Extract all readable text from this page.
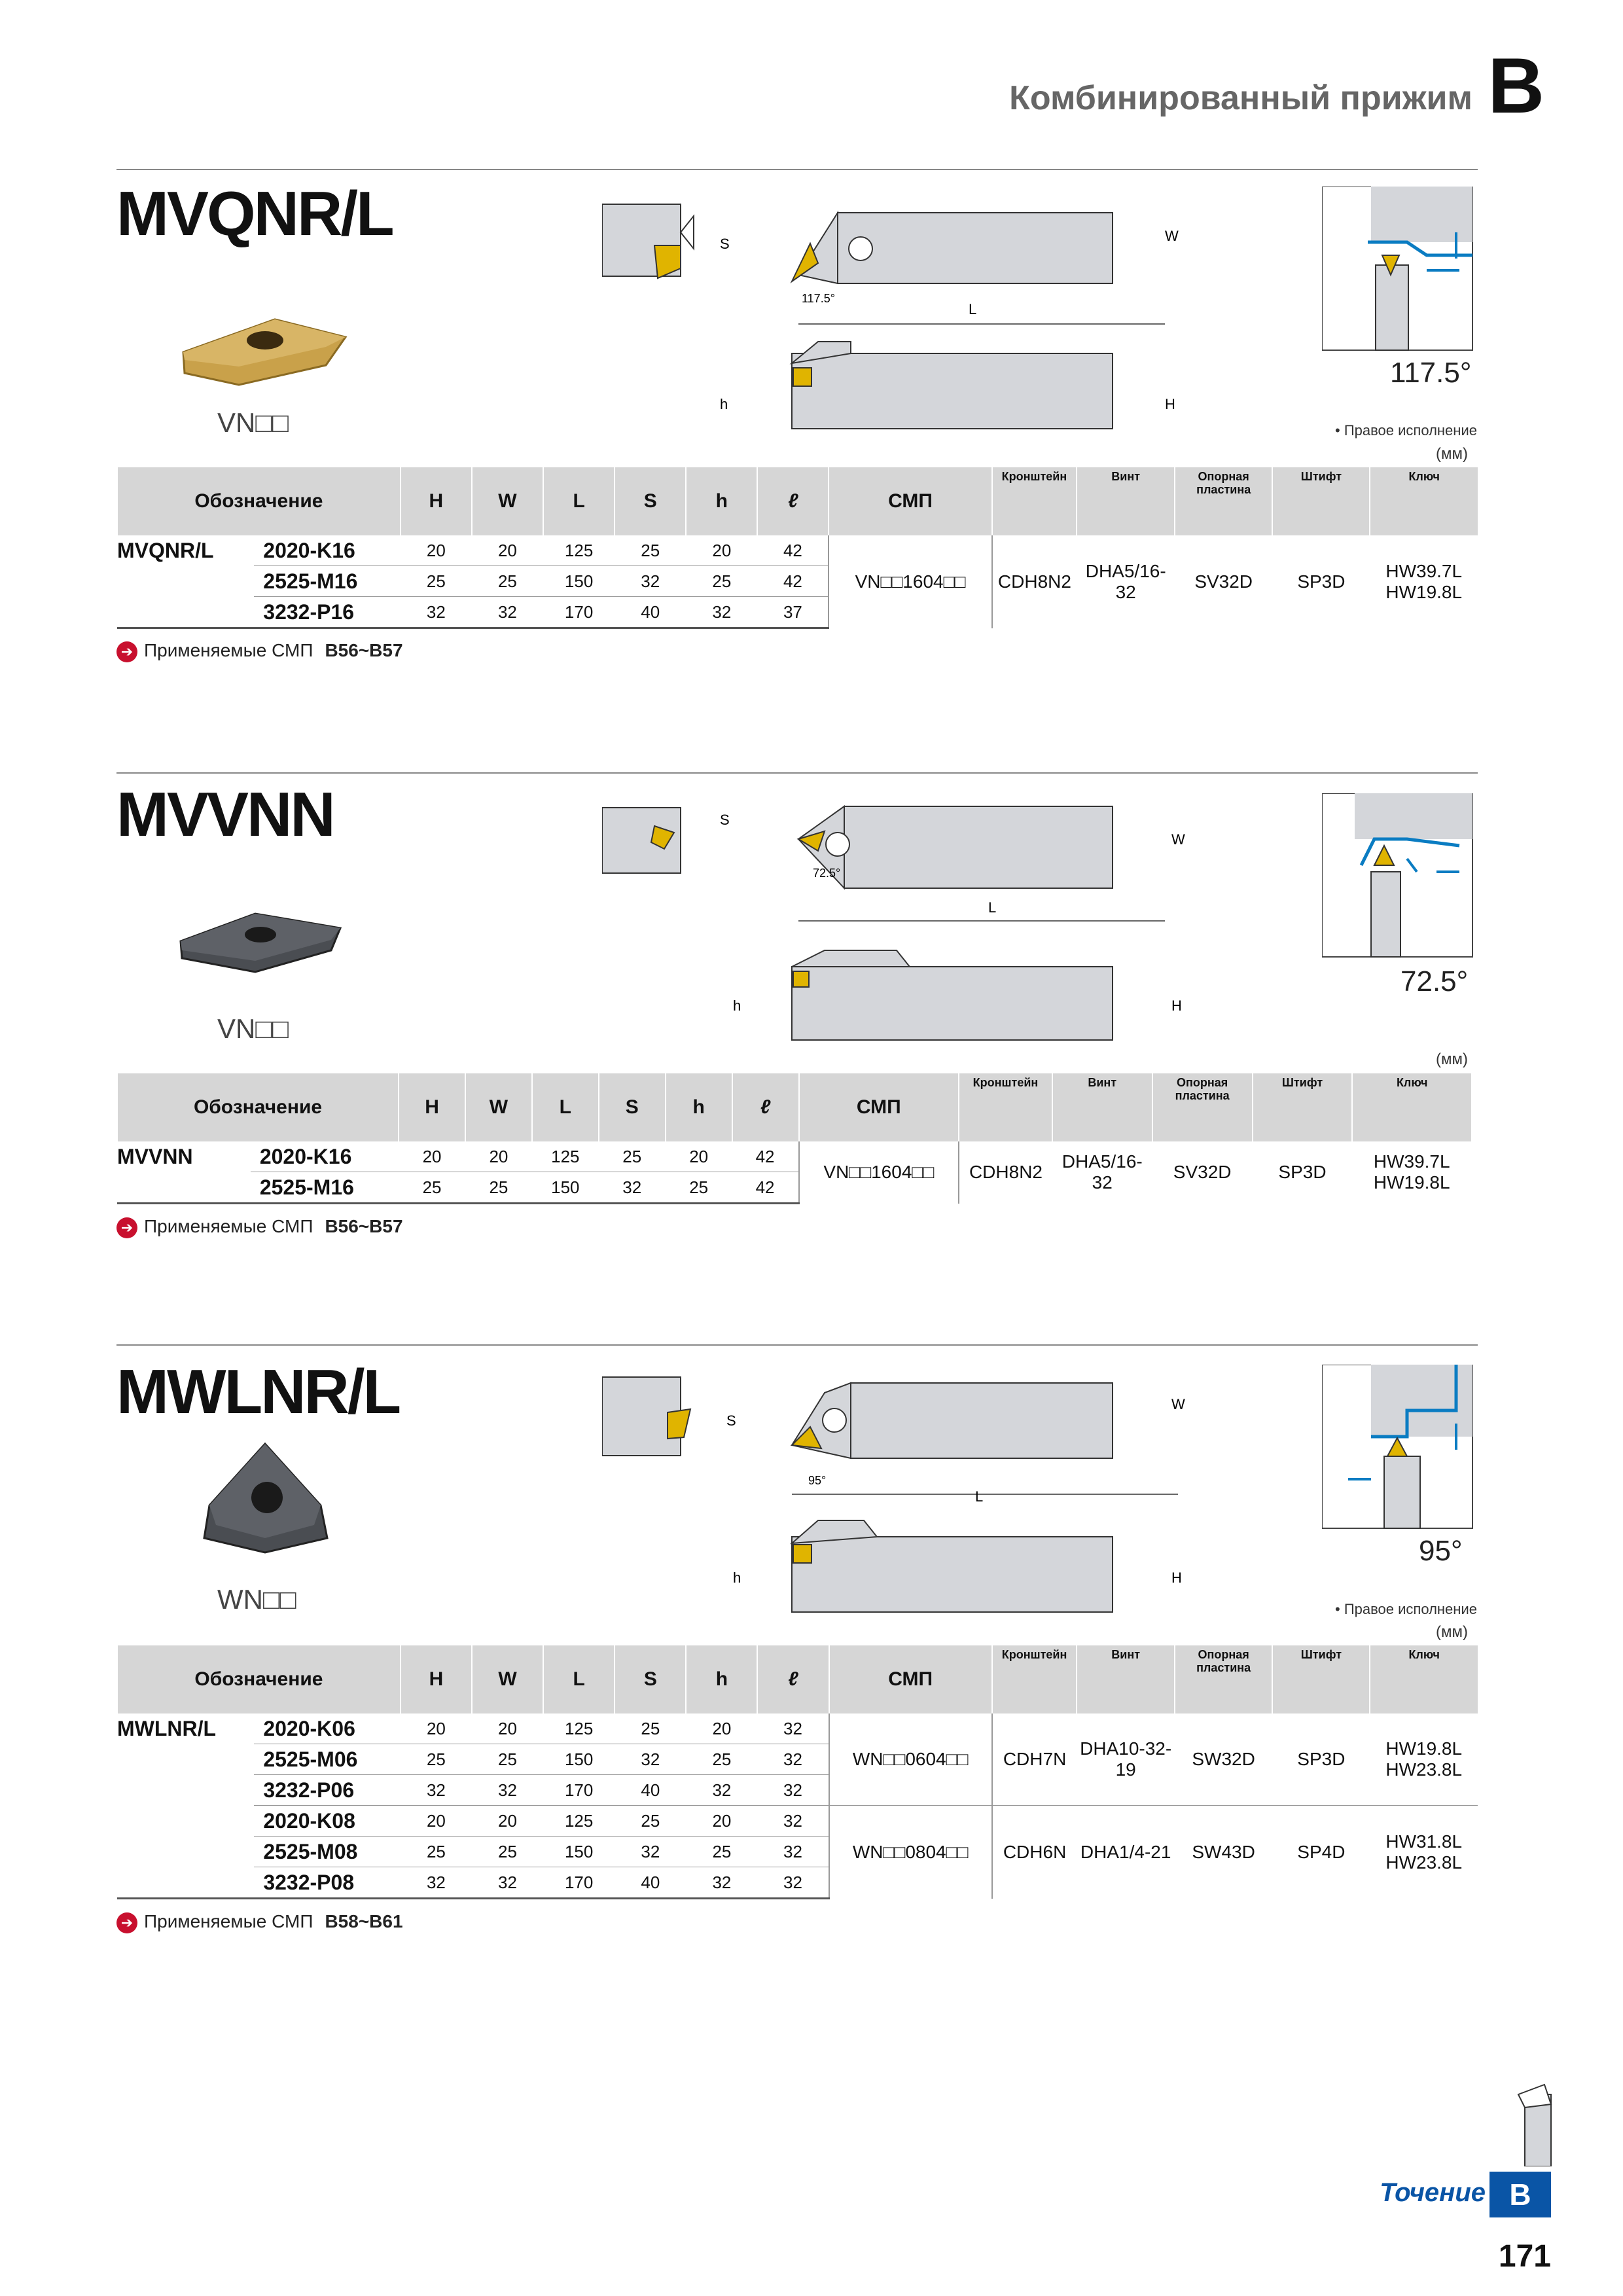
Комбинированный прижим B
MVQNR/L
VN□□
L
117.5°
S	W
h	H
117.5°
• Правое исполнение
(мм)
Обозначение		H	W	L	S	h	ℓ	СМП	Кронштейн	Винт	Опорная пластина	Штифт	Ключ

MVQNR/L	2020-K16	20	20	125	25	20	42	VN□□1604□□	CDH8N2	DHA5/16-32	SV32D	SP3D	HW39.7L
HW19.8L

	2525-M16	25	25	150	32	25	42						
	3232-P16	32	32	170	40	32	37						
➔ Применяемые СМП B56~B57
MVVNN
VN□□
L
72.5°
S
W
h	H
72.5°
(мм)
Обозначение		H	W	L	S	h	ℓ	СМП	Кронштейн	Винт	Опорная пластина	Штифт	Ключ

MVVNN	2020-K16	20	20	125	25	20	42	VN□□1604□□	CDH8N2	DHA5/16-32	SV32D	SP3D	HW39.7L
HW19.8L

	2525-M16	25	25	150	32	25	42						
➔ Применяемые СМП B56~B57
MWLNR/L
WN□□
L
95°
S
W
h	H
95°
• Правое исполнение
(мм)
Обозначение		H	W	L	S	h	ℓ	СМП	Кронштейн	Винт	Опорная пластина	Штифт	Ключ

MWLNR/L	2020-K06	20	20	125	25	20	32	WN□□0604□□	CDH7N	DHA10-32-19	SW32D	SP3D	HW19.8L
HW23.8L

	2525-M06	25	25	150	32	25	32						
	3232-P06	32	32	170	40	32	32						
	2020-K08	20	20	125	25	20	32	WN□□0804□□	CDH6N	DHA1/4-21	SW43D	SP4D	HW31.8L
HW23.8L

	2525-M08	25	25	150	32	25	32						
	3232-P08	32	32	170	40	32	32						
➔ Применяемые СМП B58~B61
Точение B
171
